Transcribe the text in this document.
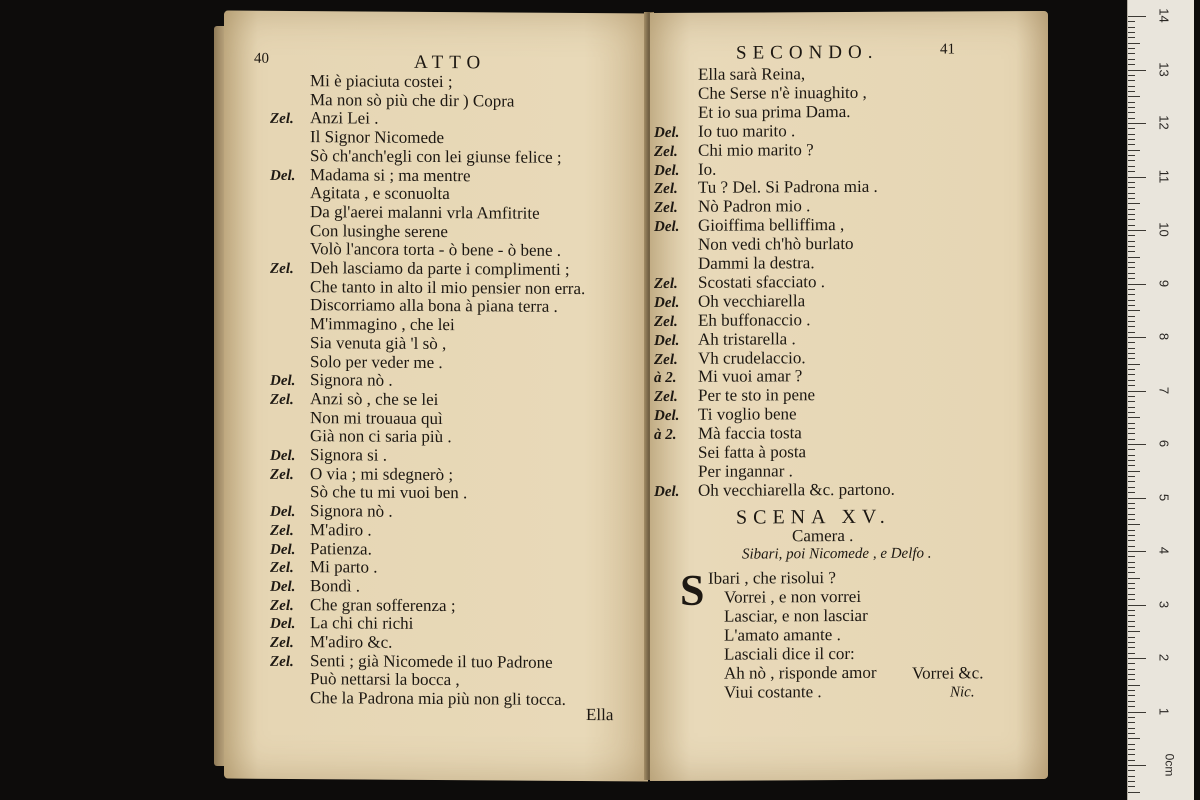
40	ATTO
Mi è piaciuta costei ;
Ma non sò più che dir ) Copra
Zel. Anzi Lei .
Il Signor Nicomede
Sò ch'anch'egli con lei giunse felice ;
Del. Madama si ; ma mentre
Agitata , e sconuolta
Da gl'aerei malanni vrla Amfitrite
Con lusinghe serene
Volò l'ancora torta - ò bene - ò bene .
Zel. Deh lasciamo da parte i complimenti ;
Che tanto in alto il mio pensier non erra.
Discorriamo alla bona à piana terra .
M'immagino , che lei
Sia venuta già 'l sò ,
Solo per veder me .
Del. Signora nò .
Zel. Anzi sò , che se lei
Non mi trouaua quì
Già non ci saria più .
Del. Signora si .
Zel. O via ; mi sdegnerò ;
Sò che tu mi vuoi ben .
Del. Signora nò .
Zel. M'adiro .
Del. Patienza.
Zel. Mi parto .
Del. Bondì .
Zel. Che gran sofferenza ;
Del. La chi chi richi
Zel. M'adiro &c.
Zel. Senti ; già Nicomede il tuo Padrone
Può nettarsi la bocca ,
Che la Padrona mia più non gli tocca.
Ella
SECONDO.	41
Ella sarà Reina,
Che Serse n'è inuaghito ,
Et io sua prima Dama.
Del. Io tuo marito .
Zel. Chi mio marito ?
Del. Io.
Zel. Tu ? Del. Si Padrona mia .
Zel. Nò Padron mio .
Del. Gioiffima belliffima ,
Non vedi ch'hò burlato
Dammi la destra.
Zel. Scostati sfacciato .
Del. Oh vecchiarella
Zel. Eh buffonaccio .
Del. Ah tristarella .
Zel. Vh crudelaccio.
à 2. Mi vuoi amar ?
Zel. Per te sto in pene
Del. Ti voglio bene
à 2. Mà faccia tosta
Sei fatta à posta
Per ingannar .
Del. Oh vecchiarella &c. partono.
SCENA XV.
Camera .
Sibari, poi Nicomede , e Delfo .
S Ibari , che risolui ?
Vorrei , e non vorrei
Lasciar, e non lasciar
L'amato amante .
Lasciali dice il cor:
Ah nò , risponde amor
Viui costante .
Vorrei &c.
Nic.
14
13
12
11
10
9
8
7
6
5
4
3
2
1
0cm
